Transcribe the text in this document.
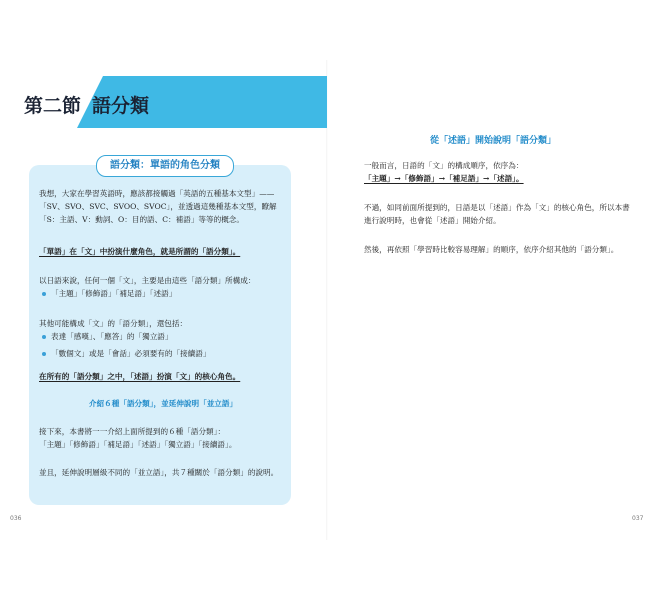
第二節 語分類
語分類：單語的角色分類
我想，大家在學習英語時，應該都接觸過「英語的五種基本文型」——
「SV、SVO、SVC、SVOO、SVOC」，並透過這幾種基本文型，瞭解
「S：主語、V：動詞、O：目的語、C：補語」等等的概念。
「單語」在「文」中扮演什麼角色，就是所謂的「語分類」。
以日語來說，任何一個「文」，主要是由這些「語分類」所構成：
「主題」「修飾語」「補足語」「述語」
其他可能構成「文」的「語分類」，還包括：
表達「感嘆」、「應答」的「獨立語」
「數個文」或是「會話」必須要有的「接續語」
在所有的「語分類」之中，「述語」扮演「文」的核心角色。
介紹６種「語分類」，並延伸說明「並立語」
接下來，本書將一一介紹上面所提到的６種「語分類」：
「主題」「修飾語」「補足語」「述語」「獨立語」「接續語」。
並且，延伸說明層級不同的「並立語」，共７種關於「語分類」的說明。
036
從「述語」開始說明「語分類」
一般而言，日語的「文」的構成順序，依序為：
「主題」→「修飾語」→「補足語」→「述語」。
不過，如同前面所提到的，日語是以「述語」作為「文」的核心角色，所以本書
進行說明時，也會從「述語」開始介紹。
然後，再依照「學習時比較容易理解」的順序，依序介紹其他的「語分類」。
037
